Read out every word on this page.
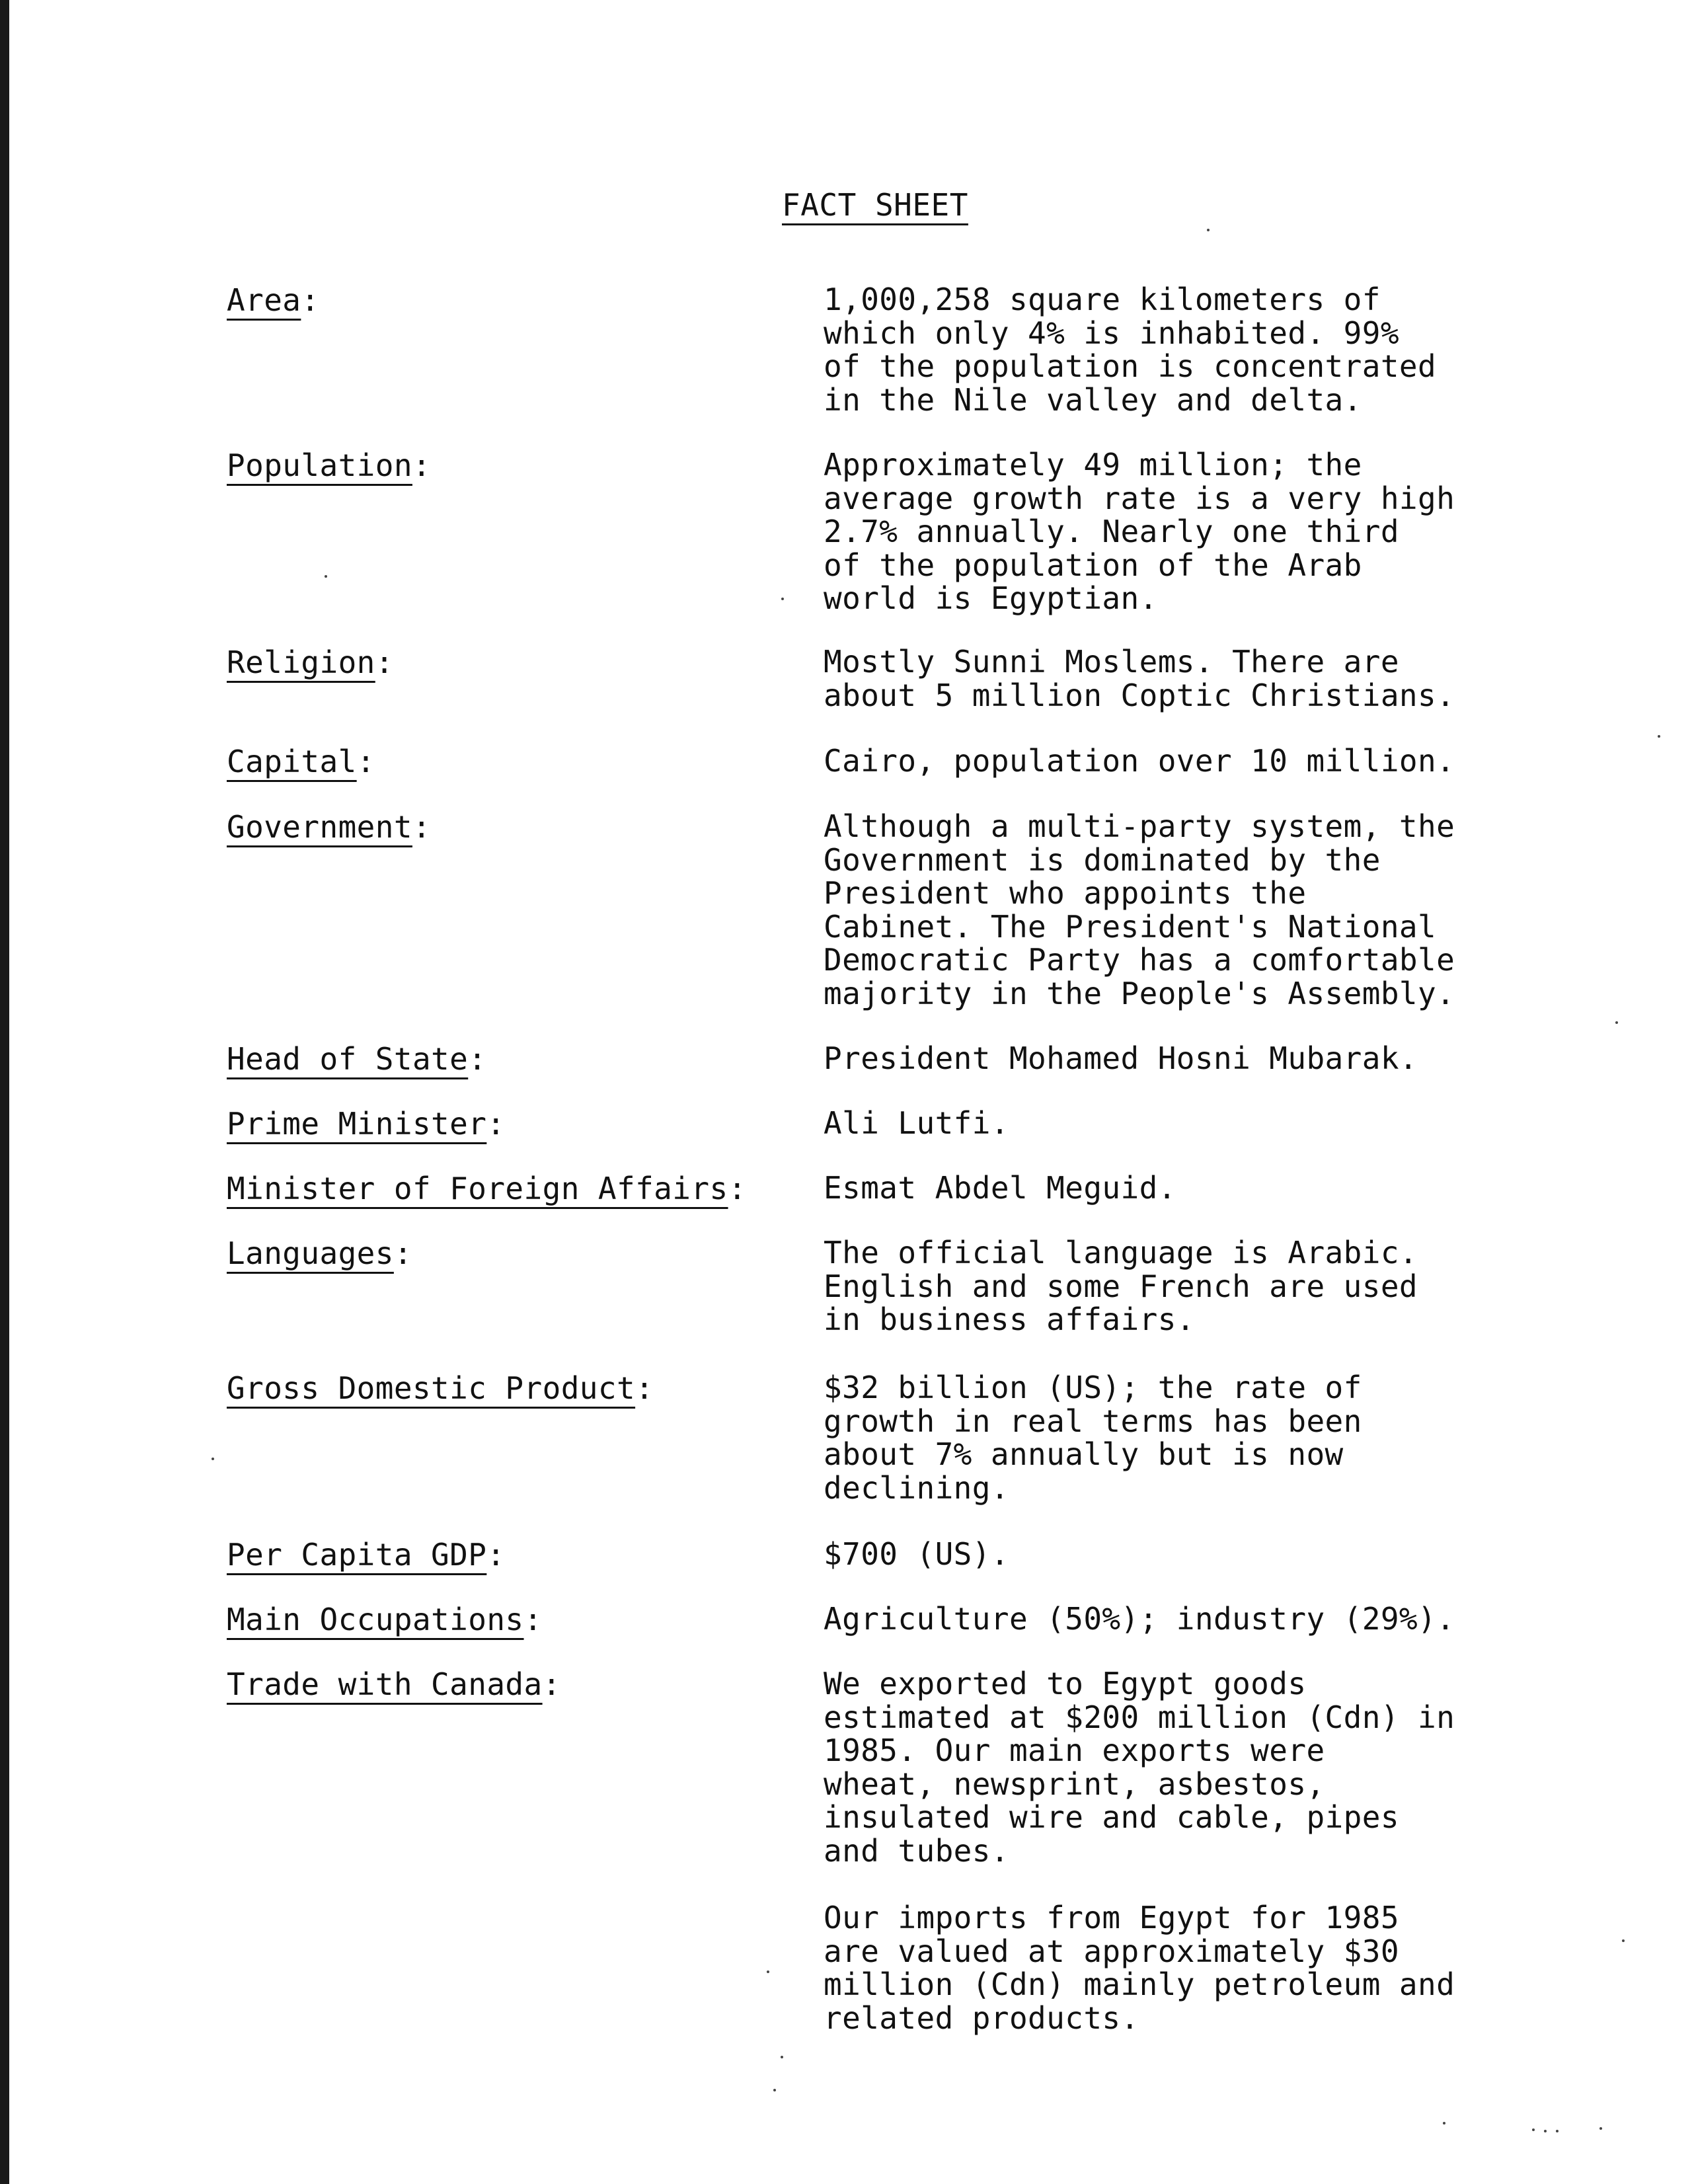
FACT SHEET
Area:	1,000,258 square kilometers of
which only 4% is inhabited. 99%
of the population is concentrated
in the Nile valley and delta.
Population:	Approximately 49 million; the
average growth rate is a very high
2.7% annually. Nearly one third
of the population of the Arab
world is Egyptian.
Religion:	Mostly Sunni Moslems. There are
about 5 million Coptic Christians.
Capital:	Cairo, population over 10 million.
Government:	Although a multi-party system, the
Government is dominated by the
President who appoints the
Cabinet. The President's National
Democratic Party has a comfortable
majority in the People's Assembly.
Head of State:	President Mohamed Hosni Mubarak.
Prime Minister:	Ali Lutfi.
Minister of Foreign Affairs:	Esmat Abdel Meguid.
Languages:	The official language is Arabic.
English and some French are used
in business affairs.
Gross Domestic Product:	$32 billion (US); the rate of
growth in real terms has been
about 7% annually but is now
declining.
Per Capita GDP:	$700 (US).
Main Occupations:	Agriculture (50%); industry (29%).
Trade with Canada:	We exported to Egypt goods
estimated at $200 million (Cdn) in
1985. Our main exports were
wheat, newsprint, asbestos,
insulated wire and cable, pipes
and tubes.
Our imports from Egypt for 1985
are valued at approximately $30
million (Cdn) mainly petroleum and
related products.
